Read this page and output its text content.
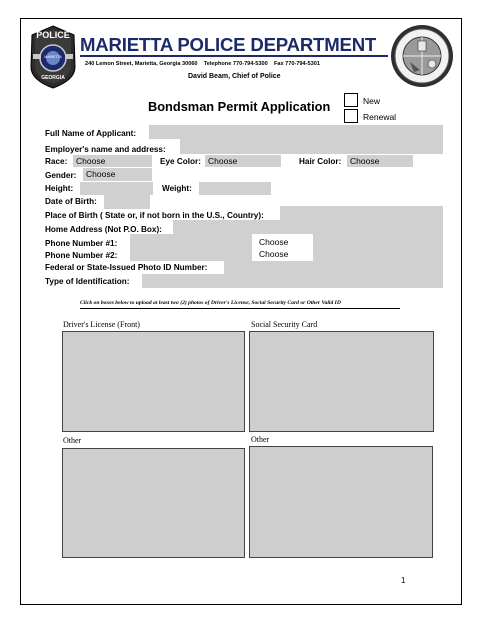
POLICE
MARIETTA
GEORGIA
MARIETTA POLICE DEPARTMENT
240 Lemon Street, Marietta, Georgia 30060 Telephone 770-794-5300 Fax 770-794-5301
David Beam, Chief of Police
Bondsman Permit Application	New
Renewal
Full Name of Applicant:
Employer's name and address:
Race:	Choose	Eye Color: Choose	Hair Color:	Choose
Gender:	Choose
Height:	Weight:
Date of Birth:
Place of Birth ( State or, if not born in the U.S., Country):
Home Address (Not P.O. Box):
Phone Number #1:	Choose
Phone Number #2:	Choose
Federal or State-Issued Photo ID Number:
Type of Identification:
Click on boxes below to upload at least two (2) photos of Driver's License, Social Security Card or Other Valid ID
Driver's License (Front)	Social Security Card
Other	Other
1
